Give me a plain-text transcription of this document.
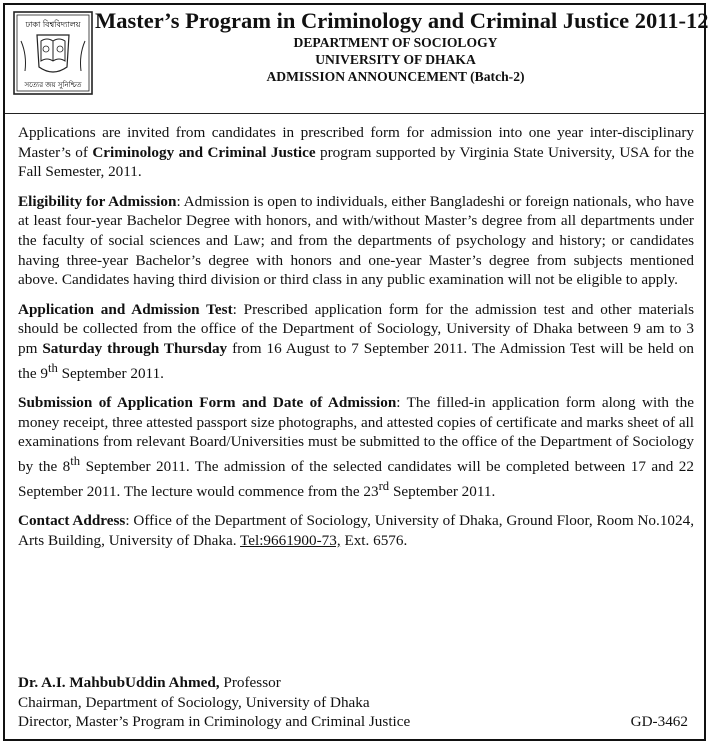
ঢাকা বিশ্ববিদ্যালয়
সত্যের জয় সুনিশ্চিত
Master’s Program in Criminology and Criminal Justice 2011-12
DEPARTMENT OF SOCIOLOGY
UNIVERSITY OF DHAKA
ADMISSION ANNOUNCEMENT (Batch-2)

Applications are invited from candidates in prescribed form for admission into one year inter-disciplinary Master’s of Criminology and Criminal Justice program supported by Virginia State University, USA for the Fall Semester, 2011.

Eligibility for Admission: Admission is open to individuals, either Bangladeshi or foreign nationals, who have at least four-year Bachelor Degree with honors, and with/without Master’s degree from all departments under the faculty of social sciences and Law; and from the departments of psychology and history; or candidates having three-year Bachelor’s degree with honors and one-year Master’s degree from subjects mentioned above. Candidates having third division or third class in any public examination will not be eligible to apply.

Application and Admission Test: Prescribed application form for the admission test and other materials should be collected from the office of the Department of Sociology, University of Dhaka between 9 am to 3 pm Saturday through Thursday from 16 August to 7 September 2011. The Admission Test will be held on the 9th September 2011.

Submission of Application Form and Date of Admission: The filled-in application form along with the money receipt, three attested passport size photographs, and attested copies of certificate and marks sheet of all examinations from relevant Board/Universities must be submitted to the office of the Department of Sociology by the 8th September 2011. The admission of the selected candidates will be completed between 17 and 22 September 2011. The lecture would commence from the 23rd September 2011.

Contact Address: Office of the Department of Sociology, University of Dhaka, Ground Floor, Room No.1024, Arts Building, University of Dhaka. Tel:9661900-73, Ext. 6576.

Dr. A.I. MahbubUddin Ahmed, Professor
Chairman, Department of Sociology, University of Dhaka
Director, Master’s Program in Criminology and Criminal Justice	GD-3462
